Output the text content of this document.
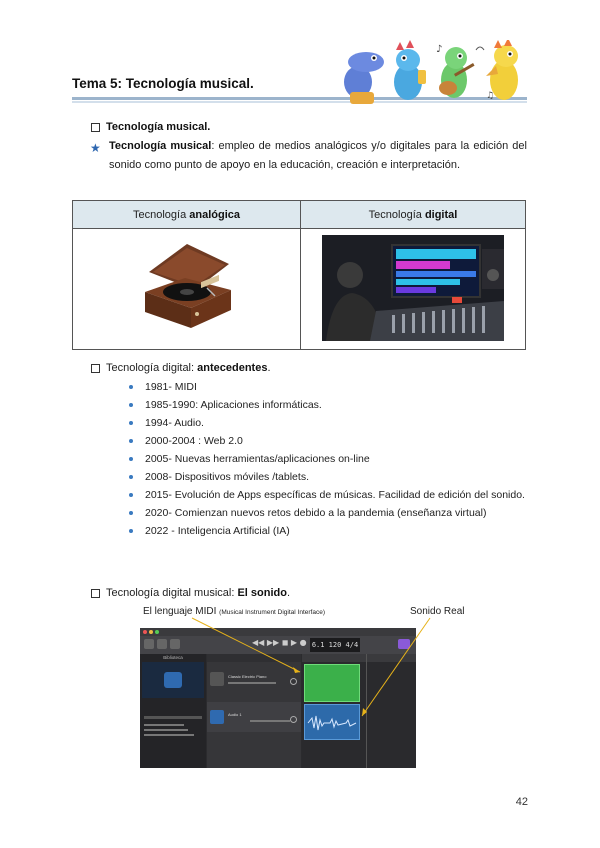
Tema 5: Tecnología musical.
♪
♫
Tecnología musical.
★ Tecnología musical: empleo de medios analógicos y/o digitales para la edición del sonido como punto de apoyo en la educación, creación e interpretación.
Tecnología analógica	Tecnología digital

Tecnología digital: antecedentes.
1981- MIDI
1985-1990: Aplicaciones informáticas.
1994- Audio.
2000-2004 : Web 2.0
2005- Nuevas herramientas/aplicaciones on-line
2008- Dispositivos móviles /tablets.
2015- Evolución de Apps específicas de músicas. Facilidad de edición del sonido.
2020- Comienzan nuevos retos debido a la pandemia (enseñanza virtual)
2022 - Inteligencia Artificial (IA)
Tecnología digital musical: El sonido.
El lenguaje MIDI (Musical Instrument Digital Interface)	Sonido Real
◀◀ ▶▶ ◼ ▶ ● 6.1 120 4/4
Biblioteca
Classic Electric Piano
Audio 1
42
